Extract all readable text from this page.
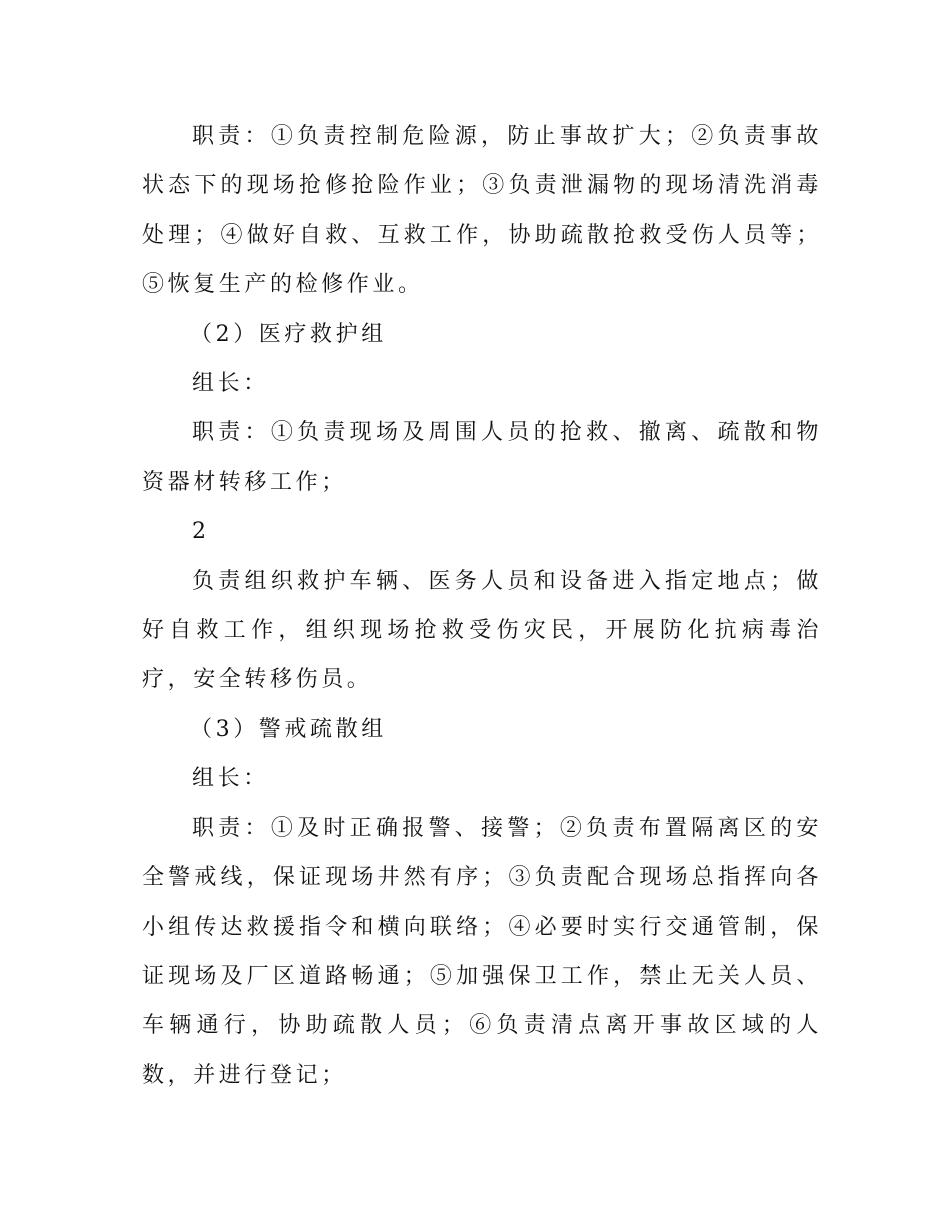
职责：①负责控制危险源，防止事故扩大；②负责事故状态下的现场抢修抢险作业；③负责泄漏物的现场清洗消毒处理；④做好自救、互救工作，协助疏散抢救受伤人员等；⑤恢复生产的检修作业。

（2）医疗救护组

组长：

职责：①负责现场及周围人员的抢救、撤离、疏散和物资器材转移工作；

2

负责组织救护车辆、医务人员和设备进入指定地点；做好自救工作，组织现场抢救受伤灾民，开展防化抗病毒治疗，安全转移伤员。

（3）警戒疏散组

组长：

职责：①及时正确报警、接警；②负责布置隔离区的安全警戒线，保证现场井然有序；③负责配合现场总指挥向各小组传达救援指令和横向联络；④必要时实行交通管制，保证现场及厂区道路畅通；⑤加强保卫工作，禁止无关人员、车辆通行，协助疏散人员；⑥负责清点离开事故区域的人数，并进行登记；
